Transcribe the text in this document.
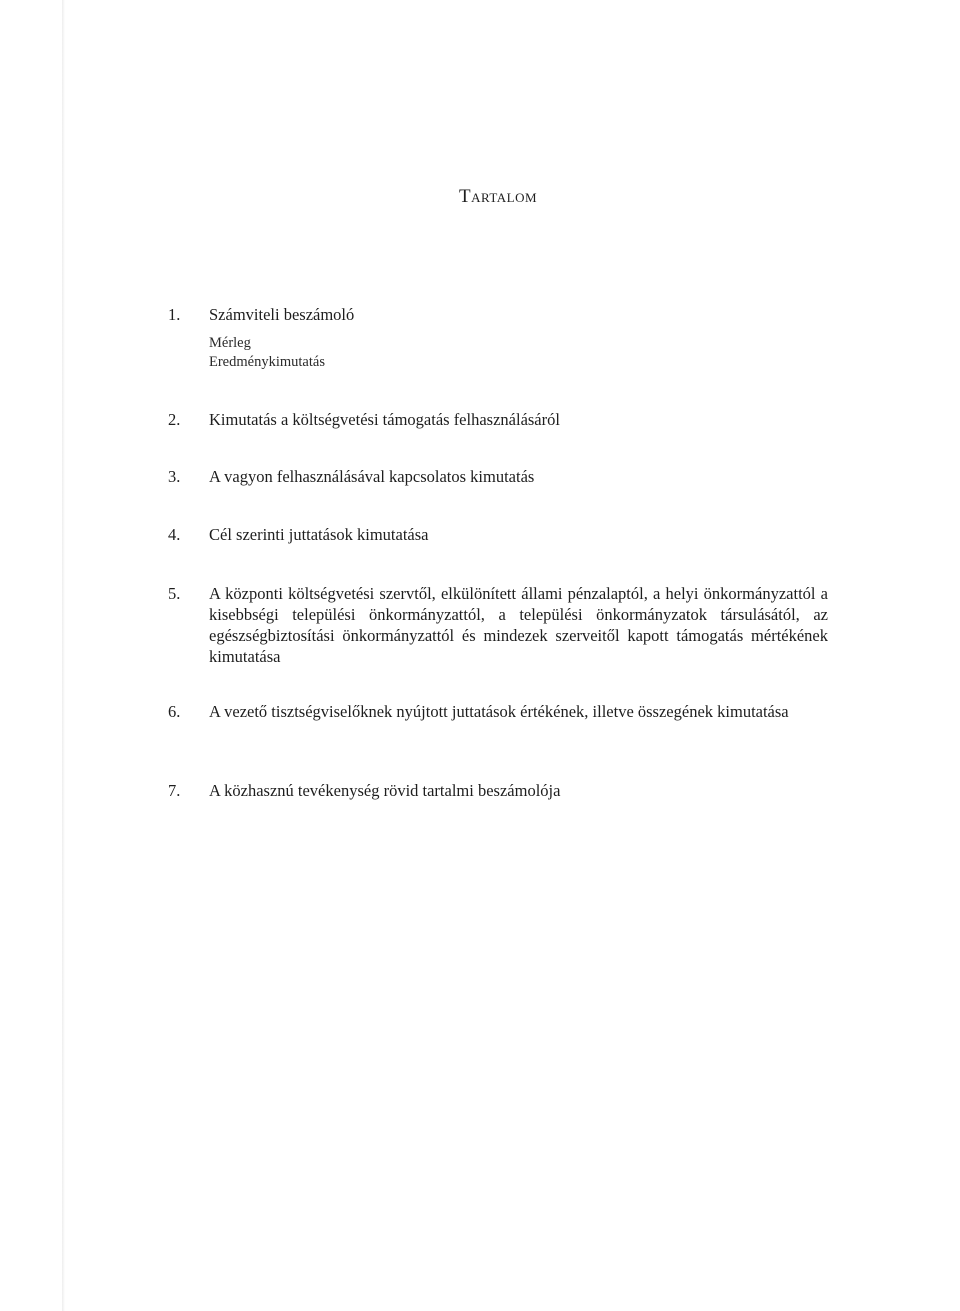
Tartalom
1.	Számviteli beszámoló
Mérleg
Eredménykimutatás
2.	Kimutatás a költségvetési támogatás felhasználásáról
3.	A vagyon felhasználásával kapcsolatos kimutatás
4.	Cél szerinti juttatások kimutatása
5.	A központi költségvetési szervtől, elkülönített állami pénzalaptól, a helyi önkormányzattól a kisebbségi települési önkormányzattól, a települési önkormányzatok társulásától, az egészségbiztosítási önkormányzattól és mindezek szerveitől kapott támogatás mértékének kimutatása
6.	A vezető tisztségviselőknek nyújtott juttatások értékének, illetve összegének kimutatása
7.	A közhasznú tevékenység rövid tartalmi beszámolója
